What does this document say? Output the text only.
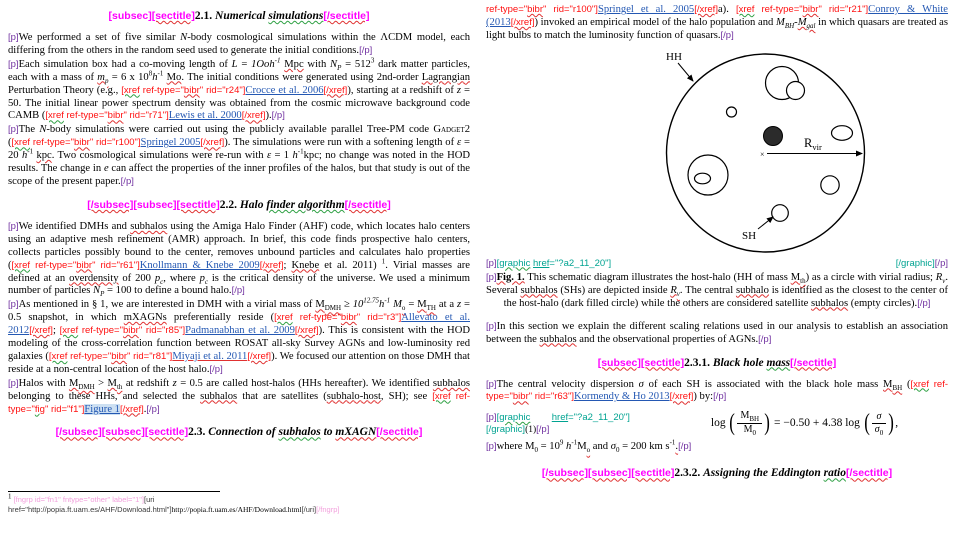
[subsec][sectitle]2.1. Numerical simulations[/sectitle]
[p]We performed a set of five similar N-body cosmological simulations within the ΛCDM model, each differing from the others in the random seed used to generate the initial conditions.[/p]
[p]Each simulation box had a co-moving length of L = 1Ooh$^{-1}$ Mpc with $N_P = 512^3$ dark matter particles, each with a mass of $m_p = 6$ x $10^8h^{-1}$ Mo. The initial conditions were generated using 2nd-order Lagrangian Perturbation Theory (e.g., [xref ref-type="bibr" rid="r24"]Crocce et al. 2006[/xref]), starting at a redshift of z = 50. The initial linear power spectrum density was obtained from the cosmic microwave background code CAMB ([xref ref-type="bibr" rid="r71"]Lewis et al. 2000[/xref]).[/p]
[p]The N-body simulations were carried out using the publicly available parallel Tree-PM code Gadget2 ([xref ref-type="bibr" rid="r100"]Springel 2005[/xref]). The simulations were run with a softening length of ε = 20 $h^{-1}$ kpc. Two cosmological simulations were re-run with ε = 1 $h^{-1}kpc$; no change was noted in the HOD results. The change in e can affect the properties of the inner profiles of the halos, but that study is out of the scope of the present paper.[/p]
[/subsec][subsec][sectitle]2.2. Halo finder algorithm[/sectitle]
[p]We identified DMHs and subhalos using the Amiga Halo Finder (AHF) code, which locates halo centers using an adaptive mesh refinement (AMR) approach. In brief, this code finds prospective halo centers, collects particles possibly bound to the center, removes unbound particles and calculates halo properties ([xref ref-type="bibr" rid="r61"]Knollmann & Knebe 2009[/xref]; Knebe et al. 2011) $^1$. Virial masses are defined at an overdensity of 200 $p_c$, where $p_c$ is the critical density of the universe. We used a minimum number of particles $N_P = 100$ to define a bound halo.[/p]
[p]As mentioned in § 1, we are interested in DMH with a virial mass of $M_{DMH} \ge 10^{12.75}h^{-1}$ $M_o = M_{TH}$ at a z = 0.5 snapshot, in which mXAGNs preferentially reside ([xref ref-type="bibr" rid="r3"]Allevato et al. 2012[/xref]; [xref ref-type="bibr" rid="r85"]Padmanabhan et al. 2009[/xref]). This is consistent with the HOD modeling of the cross-correlation function between ROSAT all-sky Survey AGNs and low-luminosity red galaxies ([xref ref-type="bibr" rid="r81"]Miyaji et al. 2011[/xref]). We focused our attention on those DMH that reside at a non-central location of the host halo.[/p]
[p]Halos with $M_{DMH} > M_{th}$ at redshift z = 0.5 are called host-halos (HHs hereafter). We identified subhalos belonging to these HHs, and selected the subhalos that are satellites (subhalo-host, SH); see [xref ref-type="fig" rid="f1"]Figure 1[/xref].[/p]
[/subsec][subsec][sectitle]2.3. Connection of subhalos to mXAGN[/sectitle]
1 [fngrp id="fn1" fntype="other" label="1"][uri href="http://popia.ft.uam.es/AHF/Download.html"]http://popia.ft.uam.es/AHF/Download.html[/uri][/fngrp]
ref-type="bibr" rid="r100"]Springel et al. 2005[/xref]a). [xref ref-type="bibr" rid="r21"]Conroy & White (2013[/xref]) invoked an empirical model of the halo population and $M_{BH}-M_{gal}$ in which quasars are treated as light bulbs to match the luminosity function of quasars.[/p]
HH
×
$R_{vir}$
SH
[p][graphic href="?a2_11_20"]	[/graphic][/p]
[p]Fig. 1. This schematic diagram illustrates the host-halo (HH of mass $M_{th}$) as a circle with virial radius; $R_v$. Several subhalos (SHs) are depicted inside $R_v$. The central subhalo is identified as the closest to the center of the host-halo (dark filled circle) while the others are considered satellite subhalos (empty circles).[/p]
[p]In this section we explain the different scaling relations used in our analysis to establish an association between the subhalos and the observational properties of AGNs.[/p]
[subsec][sectitle]2.3.1. Black hole mass[/sectitle]
[p]The central velocity dispersion σ of each SH is associated with the black hole mass $M_{BH}$ ([xref ref-type="bibr" rid="r63"]Kormendy & Ho 2013[/xref]) by:[/p]
[p][graphic href="?a2_11_20"]
[/graphic](1)[/p]	log ( $\frac{M_{BH}}{M_0}$ ) = −0.50 + 4.38 log ( $\frac{\sigma}{\sigma_0}$ ),
[p]where $M_0 = 10^9$ $h^{-1}M_o$ and $\sigma_0 = 200$ km $s^{-1}.[/p]$
[/subsec][subsec][sectitle]2.3.2. Assigning the Eddington ratio[/sectitle]
